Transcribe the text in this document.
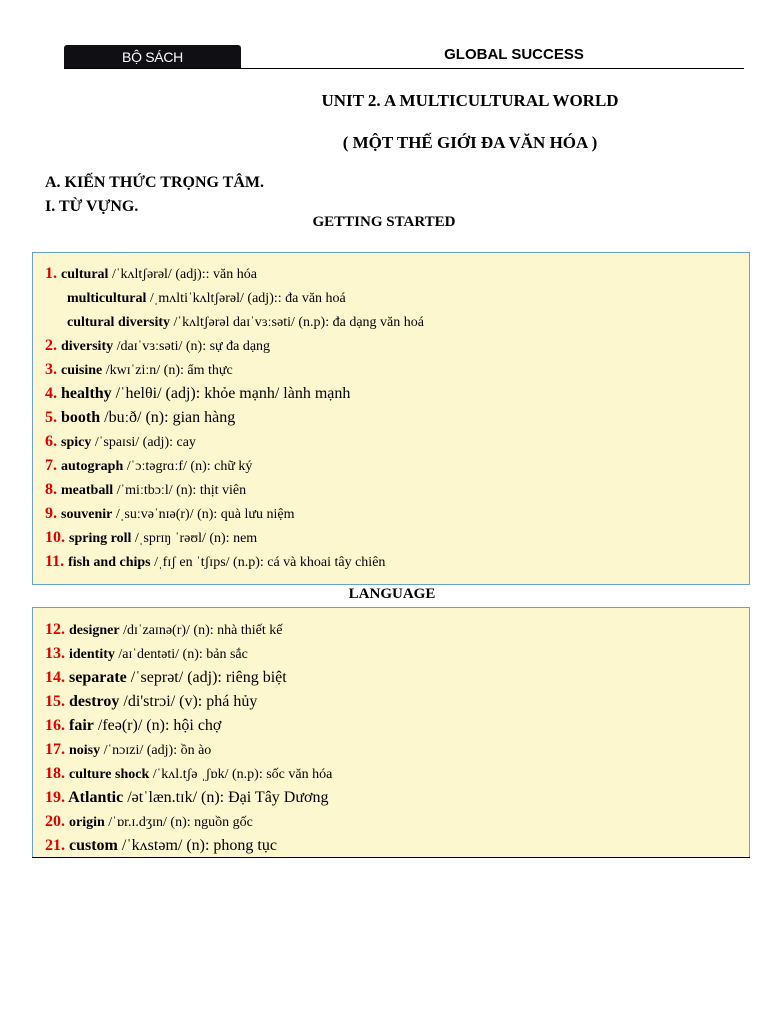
BỘ SÁCH	GLOBAL SUCCESS
UNIT 2. A MULTICULTURAL WORLD
( MỘT THẾ GIỚI ĐA VĂN HÓA )
A. KIẾN THỨC TRỌNG TÂM.
I. TỪ VỰNG.
GETTING STARTED
1. cultural /ˈkʌltʃərəl/ (adj):: văn hóa
multicultural /ˌmʌltiˈkʌltʃərəl/ (adj):: đa văn hoá
cultural diversity /ˈkʌltʃərəl daɪˈvɜːsəti/ (n.p): đa dạng văn hoá
2. diversity /daɪˈvɜːsəti/ (n): sự đa dạng
3. cuisine /kwɪˈziːn/ (n): ẩm thực
4. healthy /ˈhelθi/ (adj): khỏe mạnh/ lành mạnh
5. booth /buːð/ (n): gian hàng
6. spicy /ˈspaɪsi/ (adj): cay
7. autograph /ˈɔːtəgrɑːf/ (n): chữ ký
8. meatball /ˈmiːtbɔːl/ (n): thịt viên
9. souvenir /ˌsuːvəˈnɪə(r)/ (n): quà lưu niệm
10. spring roll /ˌsprɪŋ ˈrəʊl/ (n): nem
11. fish and chips /ˌfɪʃ en ˈtʃɪps/ (n.p): cá và khoai tây chiên
LANGUAGE
12. designer /dɪˈzaɪnə(r)/ (n): nhà thiết kế
13. identity /aɪˈdentəti/ (n): bản sắc
14. separate /ˈseprət/ (adj): riêng biệt
15. destroy /di'strɔi/ (v): phá hủy
16. fair /feə(r)/ (n): hội chợ
17. noisy /ˈnɔɪzi/ (adj): ồn ào
18. culture shock /ˈkʌl.tʃə ˌʃɒk/ (n.p): sốc văn hóa
19. Atlantic /ətˈlæn.tɪk/ (n): Đại Tây Dương
20. origin /ˈɒr.ɪ.dʒɪn/ (n): nguồn gốc
21. custom /ˈkʌstəm/ (n): phong tục
